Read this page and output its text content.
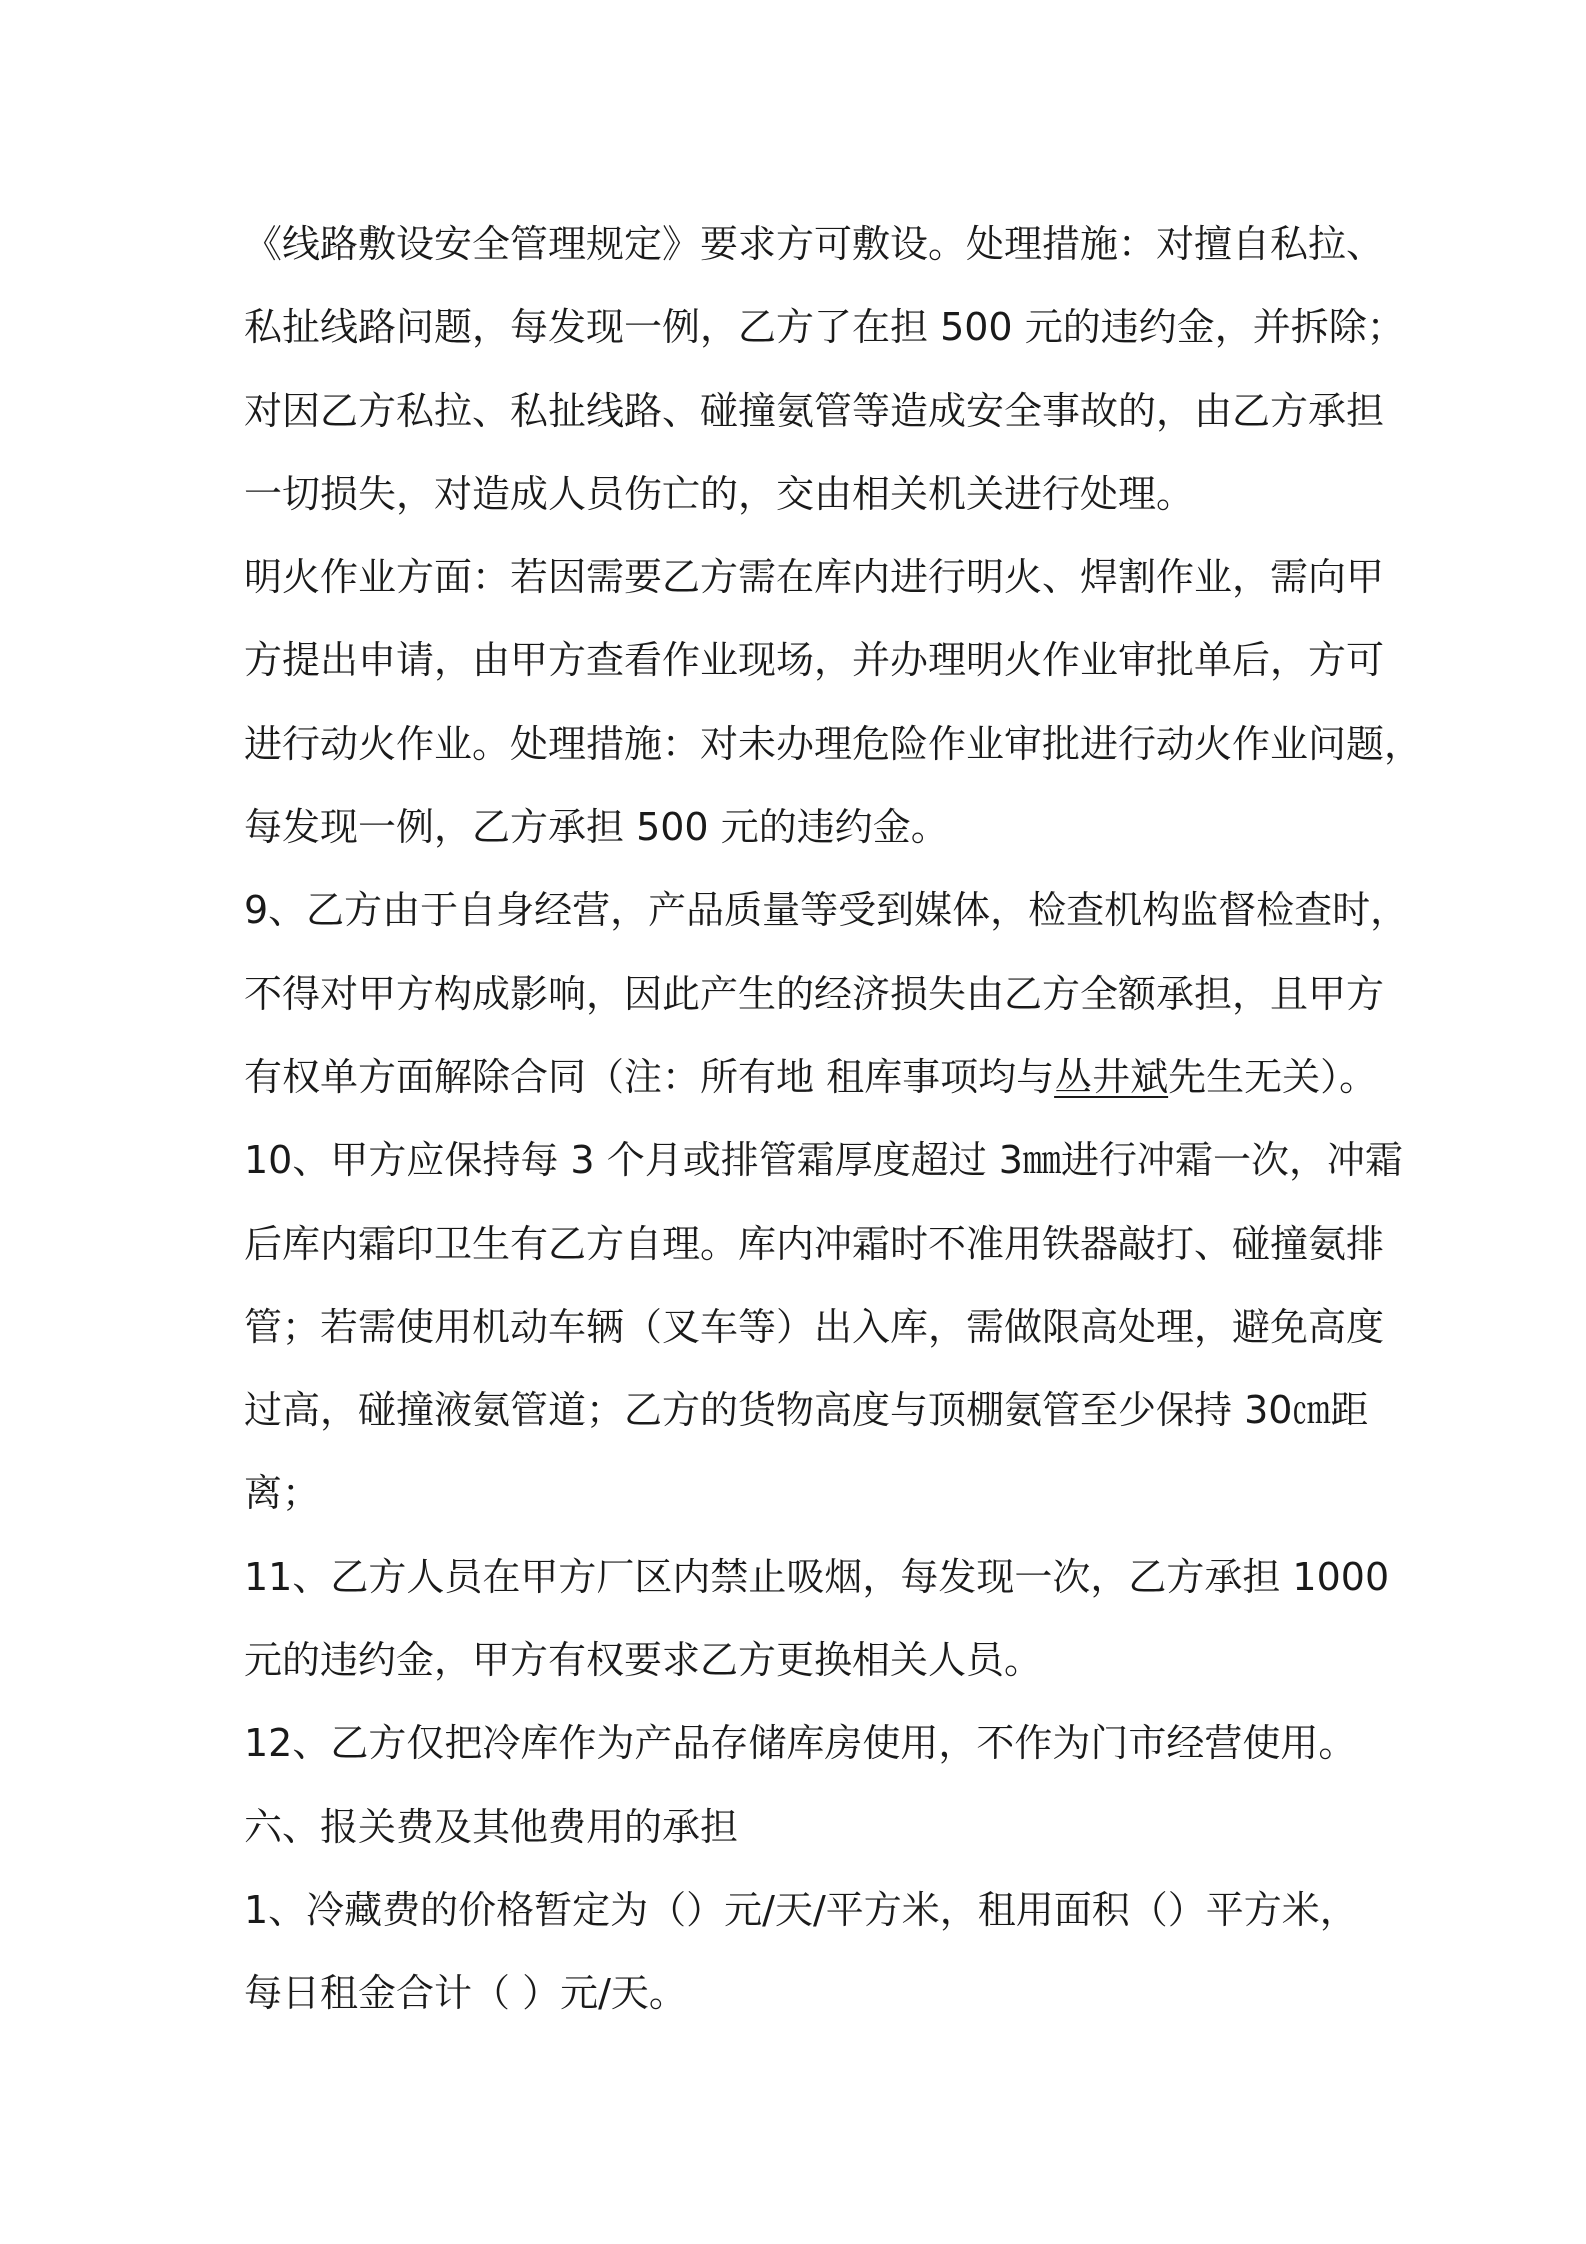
《线路敷设安全管理规定》要求方可敷设。处理措施：对擅自私拉、
私扯线路问题，每发现一例，乙方了在担 500 元的违约金，并拆除；
对因乙方私拉、私扯线路、碰撞氨管等造成安全事故的，由乙方承担
一切损失，对造成人员伤亡的，交由相关机关进行处理。
明火作业方面：若因需要乙方需在库内进行明火、焊割作业，需向甲
方提出申请，由甲方查看作业现场，并办理明火作业审批单后，方可
进行动火作业。处理措施：对未办理危险作业审批进行动火作业问题，
每发现一例，乙方承担 500 元的违约金。
9、乙方由于自身经营，产品质量等受到媒体，检查机构监督检查时，
不得对甲方构成影响，因此产生的经济损失由乙方全额承担，且甲方
有权单方面解除合同（注：所有地 租库事项均与丛井斌先生无关）。
10、甲方应保持每 3 个月或排管霜厚度超过 3㎜进行冲霜一次，冲霜
后库内霜印卫生有乙方自理。库内冲霜时不准用铁器敲打、碰撞氨排
管；若需使用机动车辆（叉车等）出入库，需做限高处理，避免高度
过高，碰撞液氨管道；乙方的货物高度与顶棚氨管至少保持 30㎝距
离；
11、乙方人员在甲方厂区内禁止吸烟，每发现一次，乙方承担 1000
元的违约金，甲方有权要求乙方更换相关人员。
12、乙方仅把冷库作为产品存储库房使用，不作为门市经营使用。
六、报关费及其他费用的承担
1、冷藏费的价格暂定为（）元/天/平方米，租用面积（）平方米，
每日租金合计（ ）元/天。
